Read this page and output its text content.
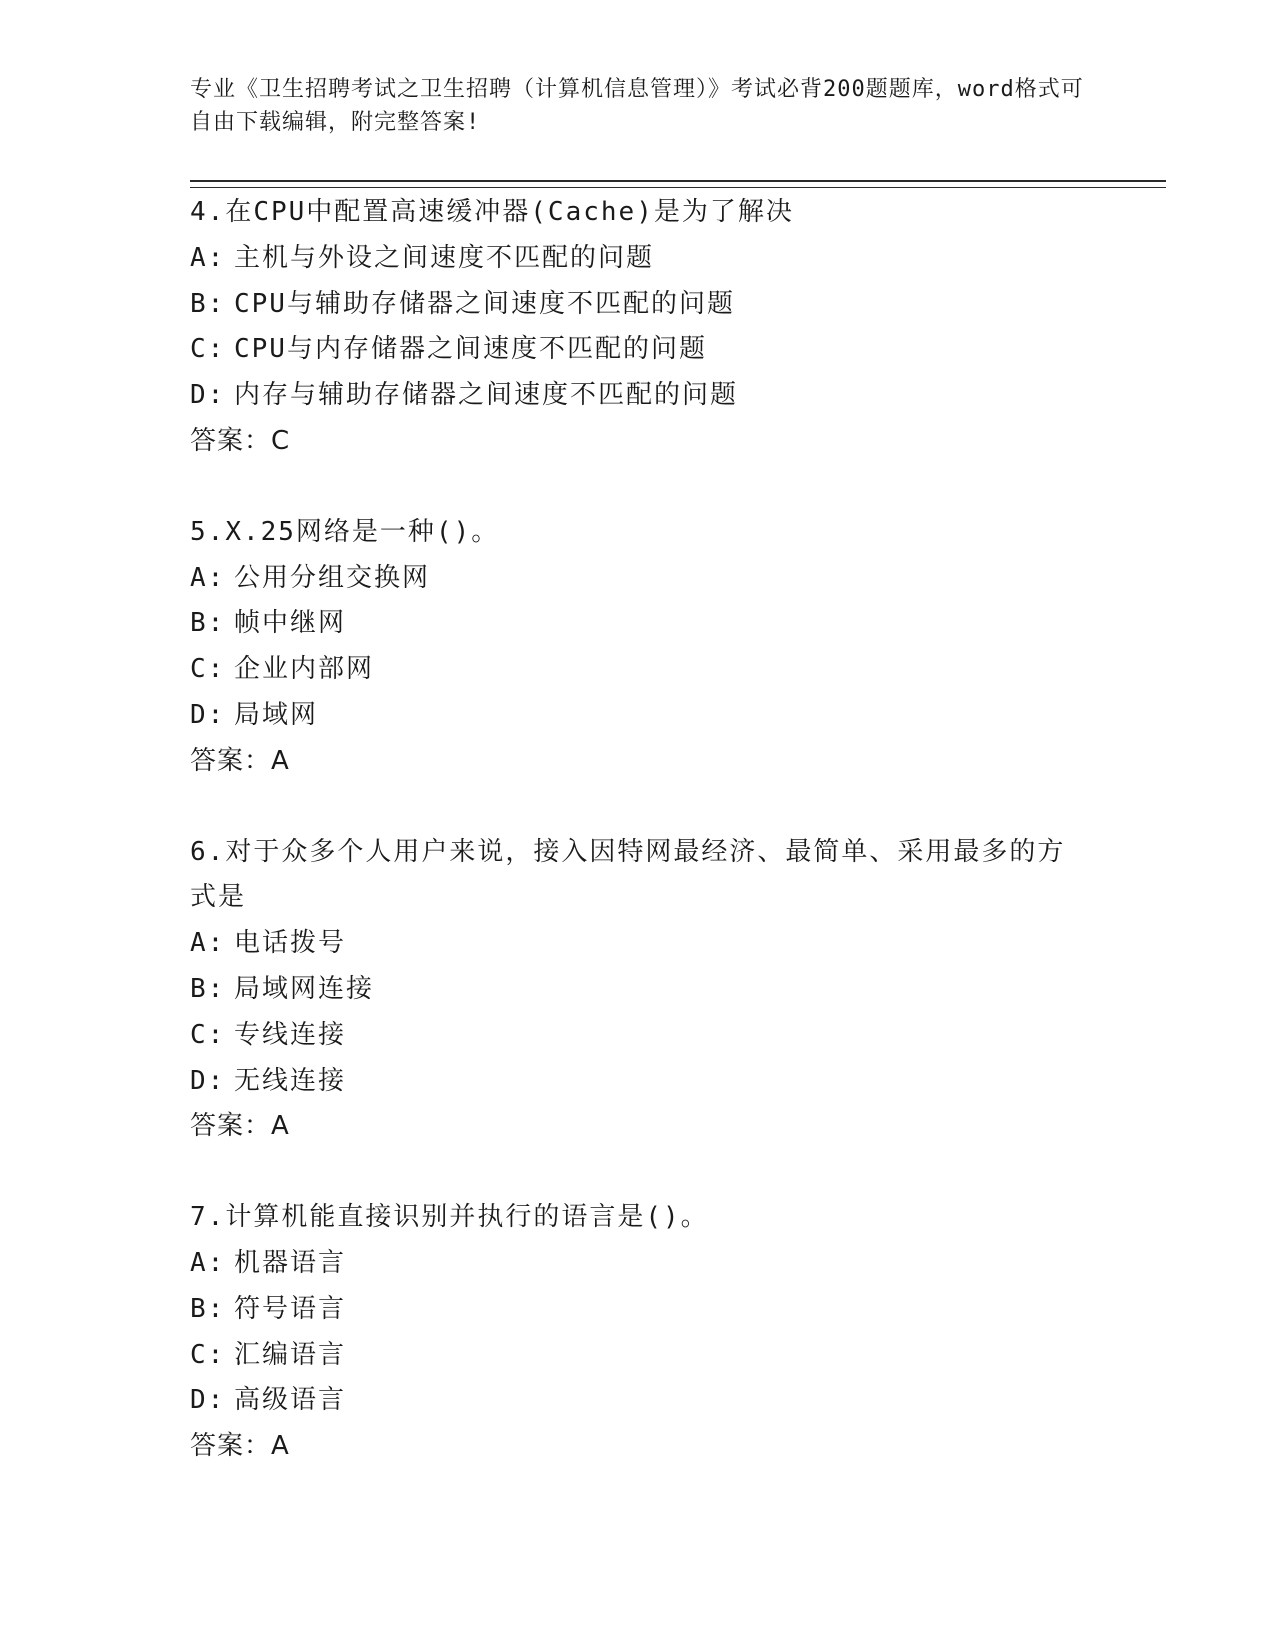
专业《卫生招聘考试之卫生招聘（计算机信息管理）》考试必背200题题库，word格式可自由下载编辑，附完整答案!
4.在CPU中配置高速缓冲器(Cache)是为了解决
A: 主机与外设之间速度不匹配的问题
B: CPU与辅助存储器之间速度不匹配的问题
C: CPU与内存储器之间速度不匹配的问题
D: 内存与辅助存储器之间速度不匹配的问题
答案：C
5.X.25网络是一种()。
A: 公用分组交换网
B: 帧中继网
C: 企业内部网
D: 局域网
答案：A
6.对于众多个人用户来说，接入因特网最经济、最简单、采用最多的方式是
A: 电话拨号
B: 局域网连接
C: 专线连接
D: 无线连接
答案：A
7.计算机能直接识别并执行的语言是()。
A: 机器语言
B: 符号语言
C: 汇编语言
D: 高级语言
答案：A
